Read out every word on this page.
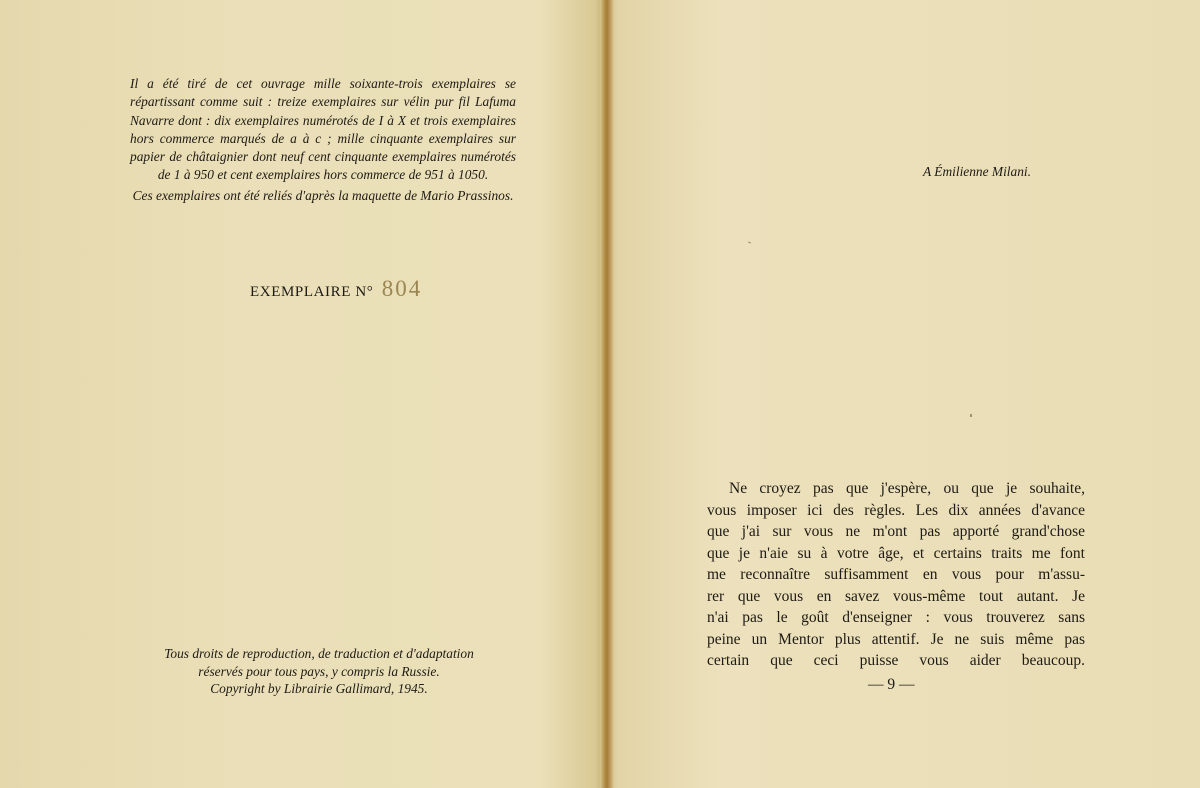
Il a été tiré de cet ouvrage mille soixante-trois exemplaires se répartissant comme suit : treize exemplaires sur vélin pur fil Lafuma Navarre dont : dix exemplaires numérotés de I à X et trois exemplaires hors commerce marqués de a à c ; mille cinquante exemplaires sur papier de châtaignier dont neuf cent cinquante exemplaires numérotés de 1 à 950 et cent exemplaires hors commerce de 951 à 1050.

Ces exemplaires ont été reliés d'après la maquette de Mario Prassinos.

EXEMPLAIRE N° 804
Tous droits de reproduction, de traduction et d'adaptation
réservés pour tous pays, y compris la Russie.
Copyright by Librairie Gallimard, 1945.
A Émilienne Milani.
Ne croyez pas que j'espère, ou que je souhaite,
vous imposer ici des règles. Les dix années d'avance
que j'ai sur vous ne m'ont pas apporté grand'chose
que je n'aie su à votre âge, et certains traits me font
me reconnaître suffisamment en vous pour m'assu-
rer que vous en savez vous-même tout autant. Je
n'ai pas le goût d'enseigner : vous trouverez sans
peine un Mentor plus attentif. Je ne suis même pas
certain que ceci puisse vous aider beaucoup.
— 9 —
